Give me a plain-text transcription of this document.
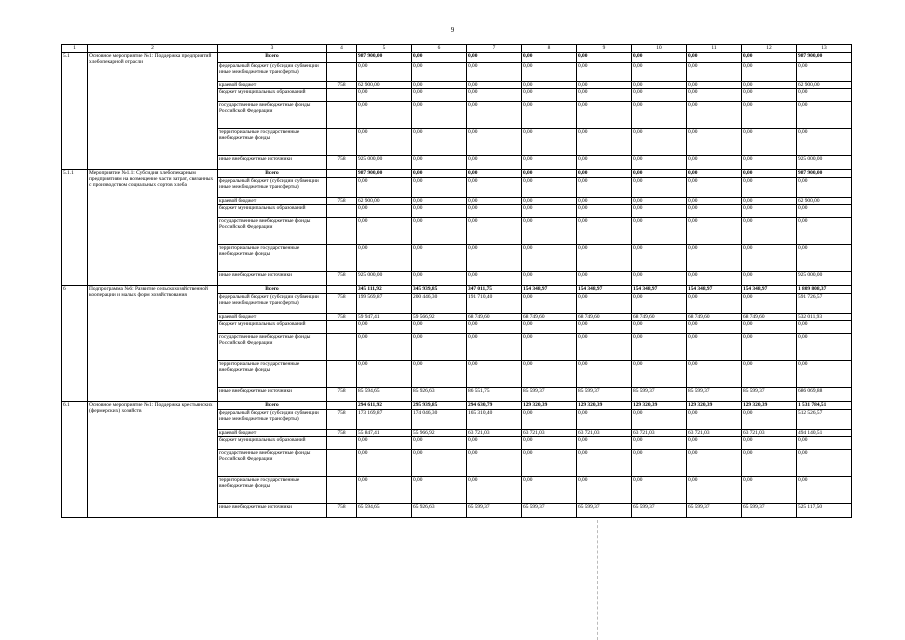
9
1	2	3	4	5	6	7	8	9	10	11	12	13
5.1	Основное мероприятие №1: Поддержка предприятий хлебопекарной отрасли	Всего		987 900,00	0,00	0,00	0,00	0,00	0,00	0,00	0,00	987 900,00
		федеральный бюджет (субсидии субвенции иные межбюджетные трансферты)		0,00	0,00	0,00	0,00	0,00	0,00	0,00	0,00	0,00
		краевой бюджет	758	62 900,00	0,00	0,00	0,00	0,00	0,00	0,00	0,00	62 900,00
		бюджет муниципальных образований		0,00	0,00	0,00	0,00	0,00	0,00	0,00	0,00	0,00
		государственные внебюджетные фонды Российской Федерации		0,00	0,00	0,00	0,00	0,00	0,00	0,00	0,00	0,00
		территориальные государственные внебюджетные фонды		0,00	0,00	0,00	0,00	0,00	0,00	0,00	0,00	0,00
		иные внебюджетные источники	758	925 000,00	0,00	0,00	0,00	0,00	0,00	0,00	0,00	925 000,00
5.1.1	Мероприятие №1.1: Субсидия хлебопекарным предприятиям на возмещение части затрат, связанных с производством социальных сортов хлеба	Всего		987 900,00	0,00	0,00	0,00	0,00	0,00	0,00	0,00	987 900,00
		федеральный бюджет (субсидии субвенции иные межбюджетные трансферты)		0,00	0,00	0,00	0,00	0,00	0,00	0,00	0,00	0,00
		краевой бюджет	758	62 900,00	0,00	0,00	0,00	0,00	0,00	0,00	0,00	62 900,00
		бюджет муниципальных образований		0,00	0,00	0,00	0,00	0,00	0,00	0,00	0,00	0,00
		государственные внебюджетные фонды Российской Федерации		0,00	0,00	0,00	0,00	0,00	0,00	0,00	0,00	0,00
		территориальные государственные внебюджетные фонды		0,00	0,00	0,00	0,00	0,00	0,00	0,00	0,00	0,00
		иные внебюджетные источники	758	925 000,00	0,00	0,00	0,00	0,00	0,00	0,00	0,00	925 000,00
6	Подпрограмма №6: Развитие сельскохозяйственной кооперации и малых форм хозяйствования	Всего		345 111,92	345 939,85	347 011,75	154 348,97	154 348,97	154 348,97	154 348,97	154 348,97	1 809 808,37
		федеральный бюджет (субсидии субвенции иные межбюджетные трансферты)	758	199 569,87	200 446,30	191 710,40	0,00	0,00	0,00	0,00	0,00	591 726,57
		краевой бюджет	758	59 947,41	59 566,92	68 749,60	68 749,60	68 749,60	68 749,60	68 749,60	68 749,60	532 011,93
		бюджет муниципальных образований		0,00	0,00	0,00	0,00	0,00	0,00	0,00	0,00	0,00
		государственные внебюджетные фонды Российской Федерации		0,00	0,00	0,00	0,00	0,00	0,00	0,00	0,00	0,00
		территориальные государственные внебюджетные фонды		0,00	0,00	0,00	0,00	0,00	0,00	0,00	0,00	0,00
		иные внебюджетные источники	758	85 594,65	85 926,63	86 551,75	85 599,37	85 599,37	85 599,37	85 599,37	85 599,37	686 069,88
6.1	Основное мероприятие №1: Поддержка крестьянских (фермерских) хозяйств	Всего		294 611,92	295 939,85	294 630,79	129 320,39	129 320,39	129 320,39	129 320,39	129 320,39	1 531 784,51
		федеральный бюджет (субсидии субвенции иные межбюджетные трансферты)	758	173 169,87	174 046,30	165 310,40	0,00	0,00	0,00	0,00	0,00	512 526,57
		краевой бюджет	758	55 847,41	55 966,92	63 721,03	63 721,03	63 721,03	63 721,03	63 721,03	63 721,03	494 140,51
		бюджет муниципальных образований		0,00	0,00	0,00	0,00	0,00	0,00	0,00	0,00	0,00
		государственные внебюджетные фонды Российской Федерации		0,00	0,00	0,00	0,00	0,00	0,00	0,00	0,00	0,00
		территориальные государственные внебюджетные фонды		0,00	0,00	0,00	0,00	0,00	0,00	0,00	0,00	0,00
		иные внебюджетные источники	758	65 594,65	65 926,63	65 599,37	65 599,37	65 599,37	65 599,37	65 599,37	65 599,37	525 117,50
